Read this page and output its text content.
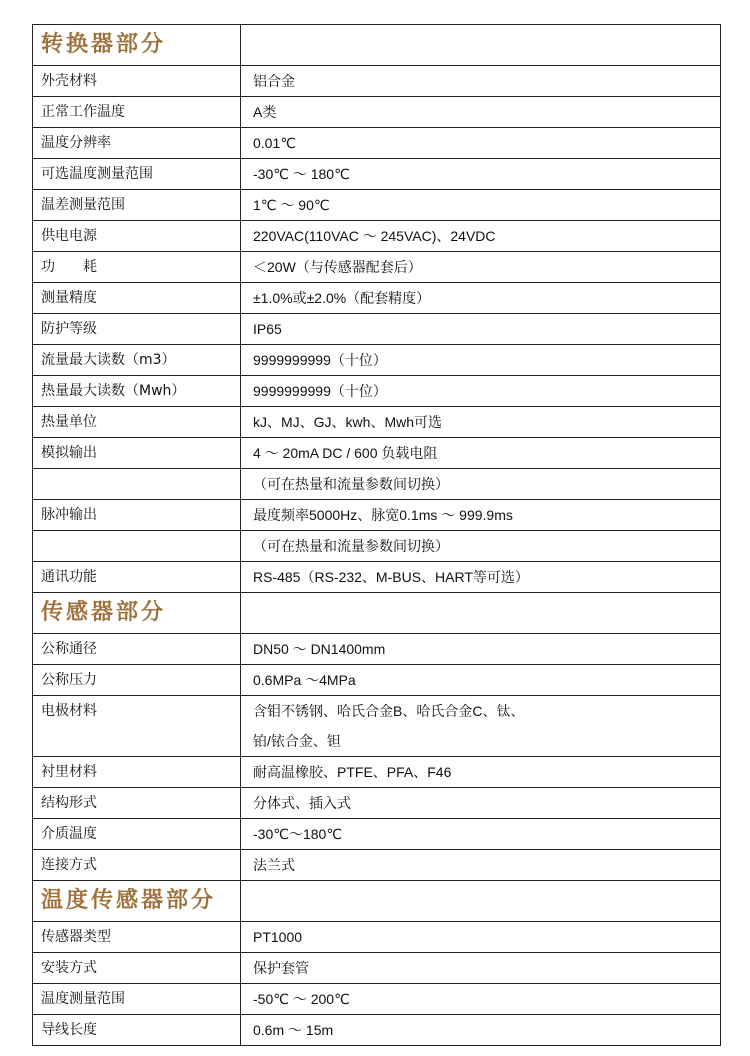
转换器部分	
外壳材料	铝合金
正常工作温度	A类
温度分辨率	0.01℃
可选温度测量范围	-30℃ ～ 180℃
温差测量范围	1℃ ～ 90℃
供电电源	220VAC(110VAC ～ 245VAC)、24VDC
功　　耗	＜20W（与传感器配套后）
测量精度	±1.0%或±2.0%（配套精度）
防护等级	IP65
流量最大读数（m3）	9999999999（十位）
热量最大读数（Mwh）	9999999999（十位）
热量单位	kJ、MJ、GJ、kwh、Mwh可选
模拟输出	4 ～ 20mA DC / 600 负载电阻
	（可在热量和流量参数间切换）
脉冲输出	最度频率5000Hz、脉宽0.1ms ～ 999.9ms
	（可在热量和流量参数间切换）
通讯功能	RS-485（RS-232、M-BUS、HART等可选）
传感器部分	
公称通径	DN50 ～ DN1400mm
公称压力	0.6MPa ～4MPa
电极材料	含钼不锈钢、哈氏合金B、哈氏合金C、钛、
铂/铱合金、钽

衬里材料	耐高温橡胶、PTFE、PFA、F46
结构形式	分体式、插入式
介质温度	-30℃～180℃
连接方式	法兰式
温度传感器部分	
传感器类型	PT1000
安装方式	保护套管
温度测量范围	-50℃ ～ 200℃
导线长度	0.6m ～ 15m
